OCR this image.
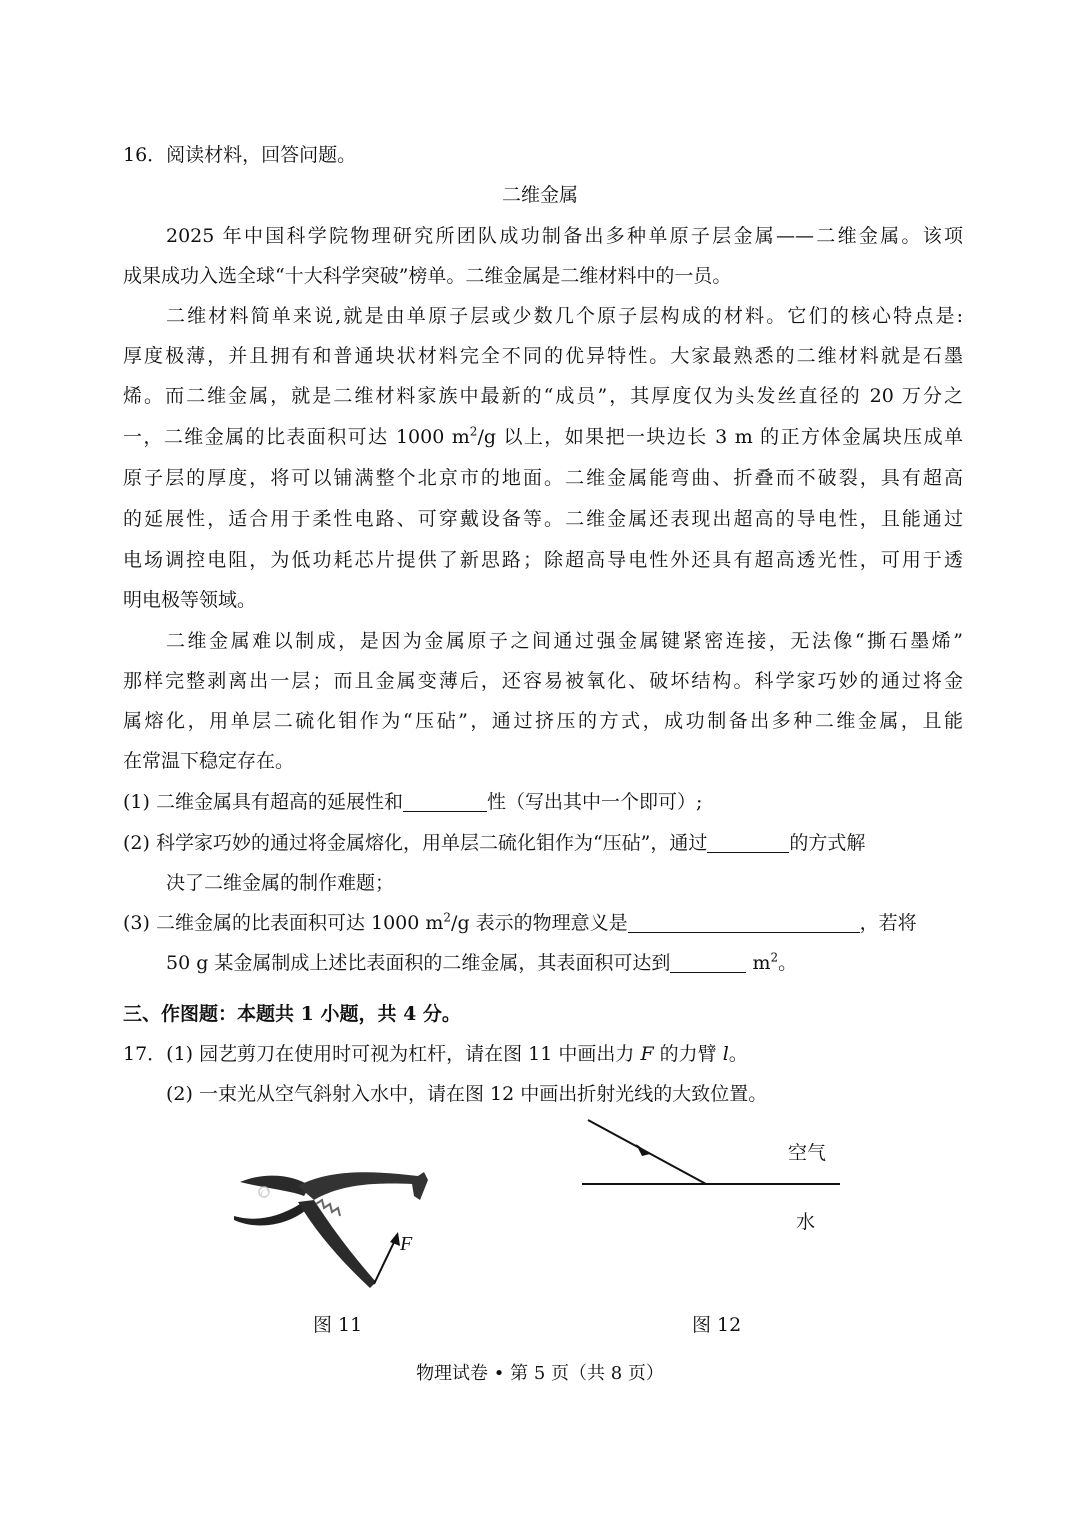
16．阅读材料，回答问题。
二维金属
2025 年中国科学院物理研究所团队成功制备出多种单原子层金属——二维金属。该项
成果成功入选全球“十大科学突破”榜单。二维金属是二维材料中的一员。
二维材料简单来说,就是由单原子层或少数几个原子层构成的材料。它们的核心特点是:
厚度极薄，并且拥有和普通块状材料完全不同的优异特性。大家最熟悉的二维材料就是石墨
烯。而二维金属，就是二维材料家族中最新的“成员”，其厚度仅为头发丝直径的 20 万分之
一，二维金属的比表面积可达 1000 $m^2/g$ 以上，如果把一块边长 3 m 的正方体金属块压成单
原子层的厚度，将可以铺满整个北京市的地面。二维金属能弯曲、折叠而不破裂，具有超高
的延展性，适合用于柔性电路、可穿戴设备等。二维金属还表现出超高的导电性，且能通过
电场调控电阻，为低功耗芯片提供了新思路；除超高导电性外还具有超高透光性，可用于透
明电极等领域。
二维金属难以制成，是因为金属原子之间通过强金属键紧密连接，无法像“撕石墨烯”
那样完整剥离出一层；而且金属变薄后，还容易被氧化、破坏结构。科学家巧妙的通过将金
属熔化，用单层二硫化钼作为“压砧”，通过挤压的方式，成功制备出多种二维金属，且能
在常温下稳定存在。
(1) 二维金属具有超高的延展性和	性（写出其中一个即可）;
(2) 科学家巧妙的通过将金属熔化，用单层二硫化钼作为“压砧”，通过	的方式解
决了二维金属的制作难题；
(3) 二维金属的比表面积可达 1000 $m^2/g$ 表示的物理意义是	，若将
50 g 某金属制成上述比表面积的二维金属，其表面积可达到	$m^2$。
三、作图题：本题共 1 小题，共 4 分。
17．(1) 园艺剪刀在使用时可视为杠杆，请在图 11 中画出力 F 的力臂 l。
(2) 一束光从空气斜射入水中，请在图 12 中画出折射光线的大致位置。
O
F
图 11
空气
水
图 12
物理试卷 • 第 5 页（共 8 页）
